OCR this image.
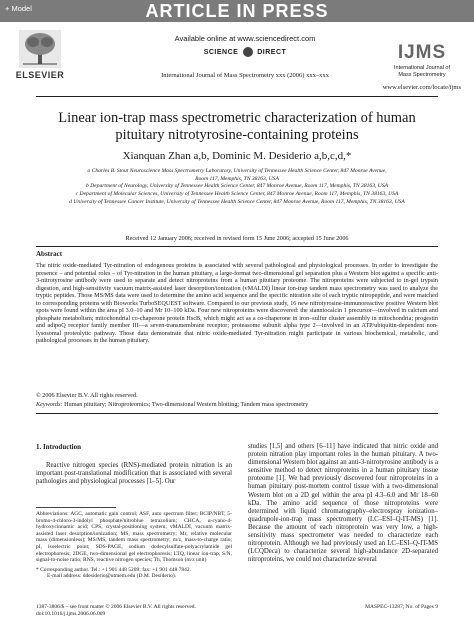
+ Model	ARTICLE IN PRESS
ELSEVIER
Available online at www.sciencedirect.com
SCIENCE	DIRECT
International Journal of Mass Spectrometry xxx (2006) xxx–xxx
IJMS
International Journal of
Mass Spectrometry
www.elsevier.com/locate/ijms
Linear ion-trap mass spectrometric characterization of human pituitary nitrotyrosine-containing proteins
Xianquan Zhan a,b, Dominic M. Desiderio a,b,c,d,*
a Charles B. Stout Neuroscience Mass Spectrometry Laboratory, University of Tennessee Health Science Center, 847 Monroe Avenue,
Room 117, Memphis, TN 38163, USA
b Department of Neurology, University of Tennessee Health Science Center, 847 Monroe Avenue, Room 117, Memphis, TN 38163, USA
c Department of Molecular Sciences, University of Tennessee Health Science Center, 847 Monroe Avenue, Room 117, Memphis, TN 38163, USA
d University of Tennessee Cancer Institute, University of Tennessee Health Science Center, 847 Monroe Avenue, Room 117, Memphis, TN 38163, USA
Received 12 January 2006; received in revised form 15 June 2006; accepted 15 June 2006
Abstract
The nitric oxide-mediated Tyr-nitration of endogenous proteins is associated with several pathological and physiological processes. In order to investigate the presence – and potential roles – of Tyr-nitration in the human pituitary, a large-format two-dimensional gel separation plus a Western blot against a specific anti-3-nitrotyrosine antibody were used to separate and detect nitroproteins from a human pituitary proteome. The nitroproteins were subjected to in-gel trypsin digestion, and high-sensitivity vacuum matrix-assisted laser desorption/ionization (vMALDI) linear ion-trap tandem mass spectrometry was used to analyze the tryptic peptides. Those MS/MS data were used to determine the amino acid sequence and the specific nitration site of each tryptic nitropeptide, and were matched to corresponding proteins with Bioworks TurboSEQUEST software. Compared to our previous study, 16 new nitrotyrosine-immunoreactive positive Western blot spots were found within the area pI 3.0–10 and Mr 10–100 kDa. Four new nitroproteins were discovered: the stanniocalcin 1 precursor—involved in calcium and phosphate metabolism; mitochondrial co-chaperone protein HscB, which might act as a co-chaperone in iron–sulfur cluster assembly in mitochondria; progestin and adipoQ receptor family member III—a seven-transmembrane receptor; proteasome subunit alpha type 2—involved in an ATP/ubiquitin-dependent non-lysosomal proteolytic pathway. Those data demonstrate that nitric oxide-mediated Tyr-nitration might participate in various biochemical, metabolic, and pathological processes in the human pituitary.
© 2006 Elsevier B.V. All rights reserved.
Keywords: Human pituitary; Nitroproteomics; Two-dimensional Western blotting; Tandem mass spectrometry
1. Introduction
Reactive nitrogen species (RNS)-mediated protein nitration is an important post-translational modification that is associated with several pathologies and physiological processes [1–5]. Our
Abbreviations: AGC, automatic gain control; ASF, auto spectrum filter; BCIP/NBT, 5-bromo-4-chloro-3-indolyl phosphate/nitroblue tetrazolium; CHCA, α-cyano-4-hydroxycinnamic acid; CPS, crystal-positioning system; vMALDI, vacuum matrix-assisted laser desorption/ionization; MS, mass spectrometry; Mr, relative molecular mass (dimensionless); MS/MS, tandem mass spectrometry; m/z, mass-to-charge ratio; pI, isoelectric point; SDS-PAGE, sodium dodecylsulfate-polyacrylamide gel electrophoresis; 2DGE, two-dimensional gel electrophoresis; LTQ, linear ion-trap; S/N, signal-to-noise ratio; RNS, reactive nitrogen species; Th, Thomson (m/z unit)
* Corresponding author. Tel.: +1 901 448 5209; fax: +1 901 448 7842.
E-mail address: ddesiderio@utmem.edu (D.M. Desiderio).
studies [1,5] and others [6–11] have indicated that nitric oxide and protein nitration play important roles in the human pituitary. A two-dimensional Western blot against an anti-3-nitrotyrosine antibody is a sensitive method to detect nitroproteins in a human pituitary tissue proteome [1]. We had previously discovered four nitroproteins in a human pituitary post-mortem control tissue with a two-dimensional Western blot on a 2D gel within the area pI 4.3–6.0 and Mr 18–60 kDa. The amino acid sequence of those nitroproteins were determined with liquid chromatography–electrospray ionization–quadrupole-ion-trap mass spectrometry (LC–ESI–Q-IT-MS) [1]. Because the amount of each nitroprotein was very low, a high-sensitivity mass spectrometer was needed to characterize each nitroprotein. Although we had previously used an LC–ESI–Q-IT-MS (LCQDeca) to characterize several high-abundance 2D-separated nitroproteins, we could not characterize several
1387-3806/$ – see front matter © 2006 Elsevier B.V. All rights reserved.
doi:10.1016/j.ijms.2006.06.009
MASPEC-13287; No. of Pages 9
